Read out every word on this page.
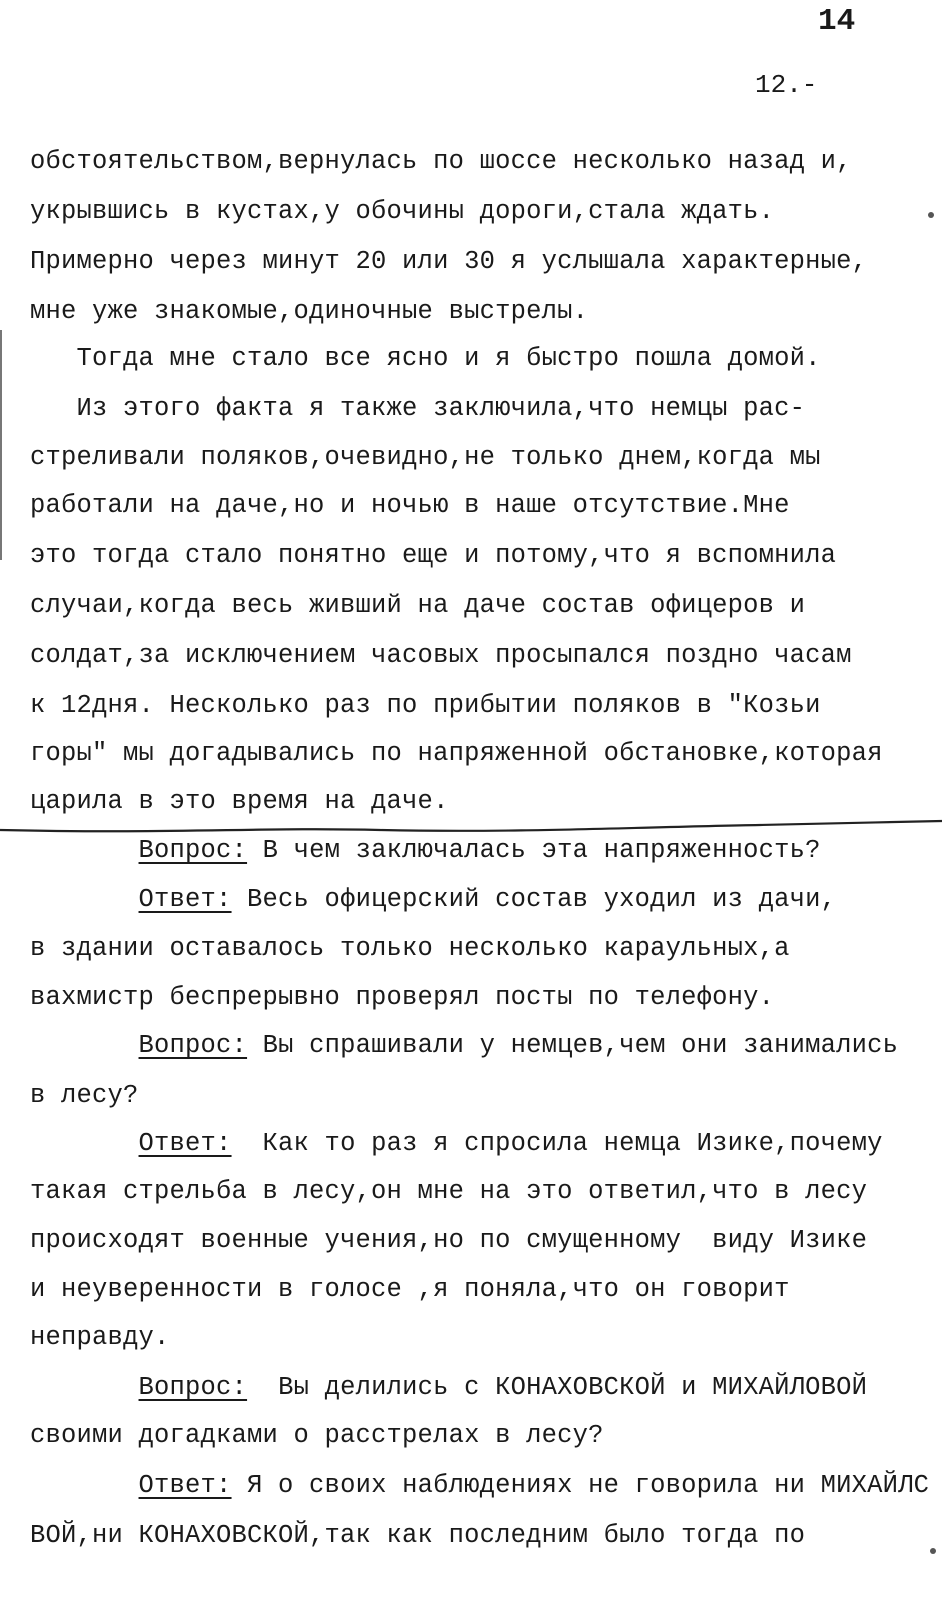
14
12.-
обстоятельством,вернулась по шоссе несколько назад и,
укрывшись в кустах,у обочины дороги,стала ждать.
Примерно через минут 20 или 30 я услышала характерные,
мне уже знакомые,одиночные выстрелы.
Тогда мне стало все ясно и я быстро пошла домой.
Из этого факта я также заключила,что немцы рас-
стреливали поляков,очевидно,не только днем,когда мы
работали на даче,но и ночью в наше отсутствие.Мне
это тогда стало понятно еще и потому,что я вспомнила
случаи,когда весь живший на даче состав офицеров и
солдат,за исключением часовых просыпался поздно часам
к 12дня. Несколько раз по прибытии поляков в "Козьи
горы" мы догадывались по напряженной обстановке,которая
царила в это время на даче.
Вопрос: В чем заключалась эта напряженность?
Ответ: Весь офицерский состав уходил из дачи,
в здании оставалось только несколько караульных,а
вахмистр беспрерывно проверял посты по телефону.
Вопрос: Вы спрашивали у немцев,чем они занимались
в лесу?
Ответ:  Как то раз я спросила немца Изике,почему
такая стрельба в лесу,он мне на это ответил,что в лесу
происходят военные учения,но по смущенному  виду Изике
и неуверенности в голосе ,я поняла,что он говорит
неправду.
Вопрос:  Вы делились с КОНАХОВСКОЙ и МИХАЙЛОВОЙ
своими догадками о расстрелах в лесу?
Ответ: Я о своих наблюдениях не говорила ни МИХАЙЛС
ВОЙ,ни КОНАХОВСКОЙ,так как последним было тогда по
